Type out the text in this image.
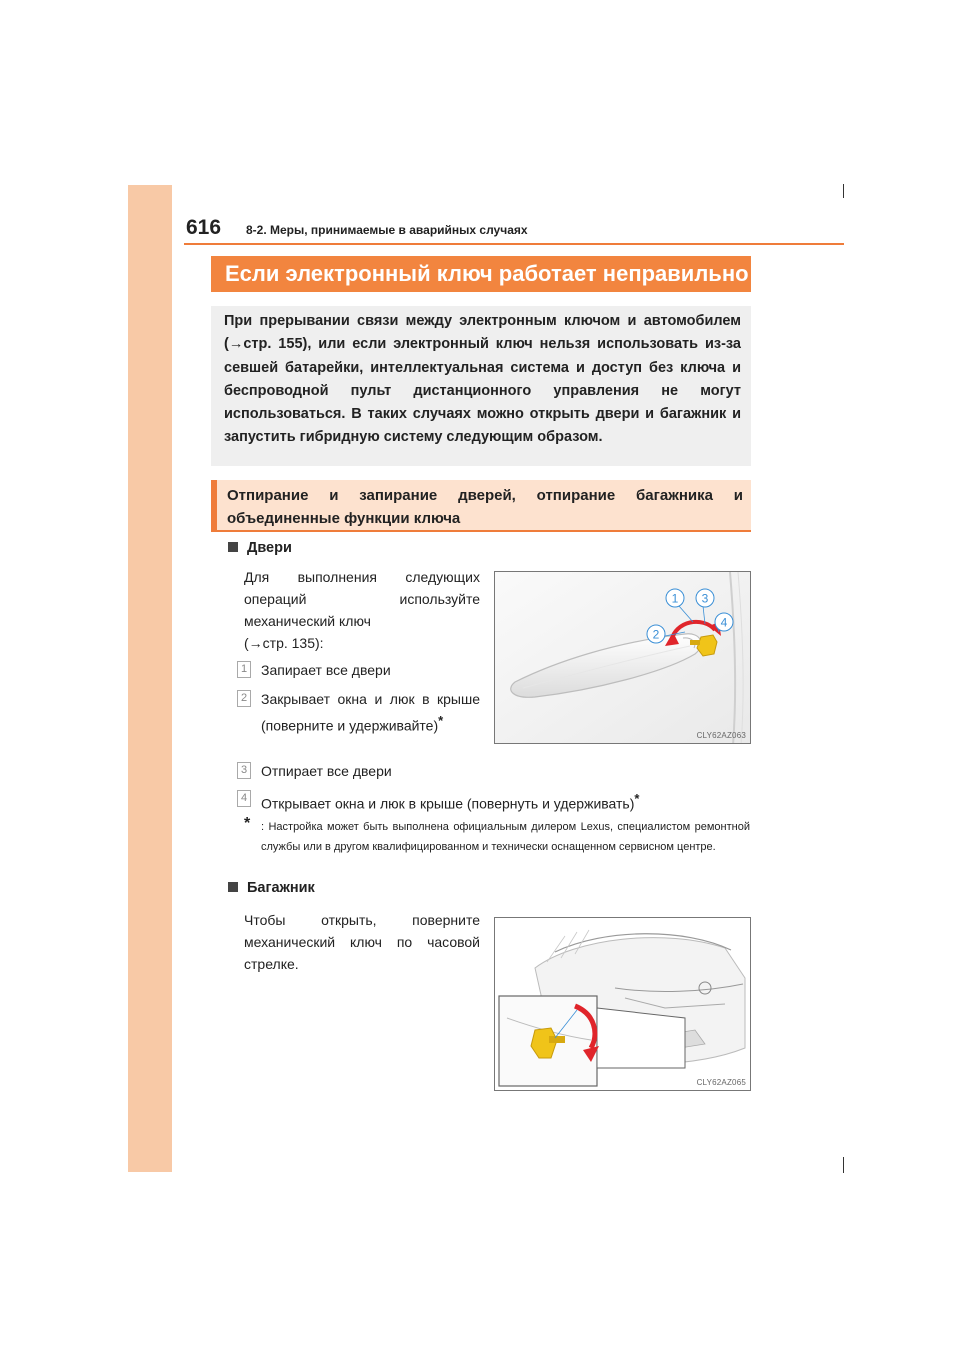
616 8-2. Меры, принимаемые в аварийных случаях
Если электронный ключ работает неправильно

При прерывании связи между электронным ключом и автомобилем (→стр. 155), или если электронный ключ нельзя использовать из-за севшей батарейки, интеллектуальная система и доступ без ключа и беспроводной пульт дистанционного управления не могут использоваться. В таких случаях можно открыть двери и багажник и запустить гибридную систему следующим образом.

Отпирание и запирание дверей, отпирание багажника и объединенные функции ключа

Двери
Для выполнения следующих операций используйте механический ключ
(→стр. 135):
1 Запирает все двери
2 Закрывает окна и люк в крыше (поверните и удерживайте)*
3 Отпирает все двери
4 Открывает окна и люк в крыше (повернуть и удерживать)*
1 3
2
4
CLY62AZ063
* : Настройка может быть выполнена официальным дилером Lexus, специалистом ремонтной службы или в другом квалифицированном и технически оснащенном сервисном центре.
Багажник
Чтобы открыть, поверните механический ключ по часовой стрелке.
CLY62AZ065
